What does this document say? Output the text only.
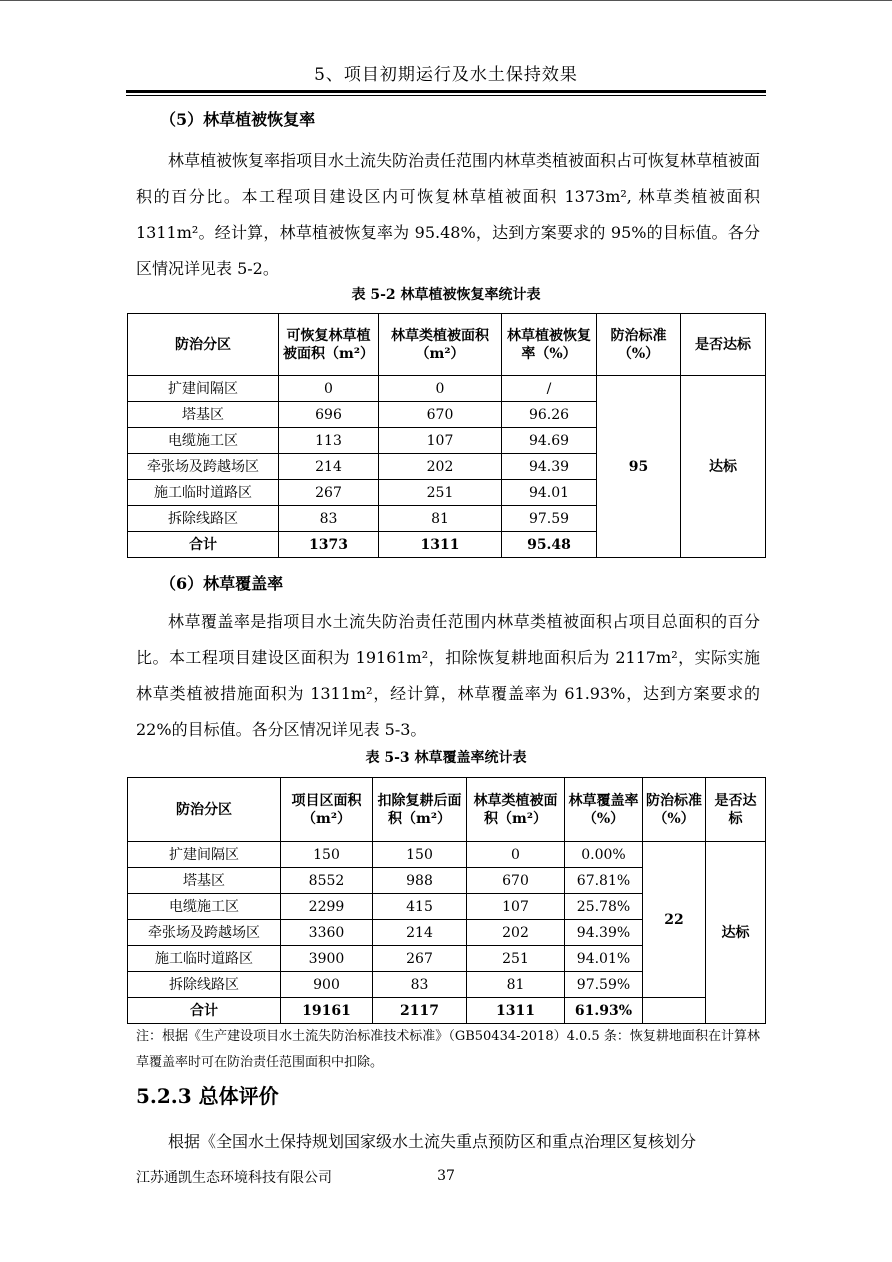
5、项目初期运行及水土保持效果
（5）林草植被恢复率
林草植被恢复率指项目水土流失防治责任范围内林草类植被面积占可恢复林草植被面积的百分比。本工程项目建设区内可恢复林草植被面积 1373m², 林草类植被面积 1311m²。经计算，林草植被恢复率为 95.48%，达到方案要求的 95%的目标值。各分区情况详见表 5-2。
表 5-2 林草植被恢复率统计表
防治分区	可恢复林草植被面积（m²）	林草类植被面积（m²）	林草植被恢复率（%）	防治标准（%）	是否达标
扩建间隔区	0	0	/	95	达标
塔基区	696	670	96.26		
电缆施工区	113	107	94.69		
牵张场及跨越场区	214	202	94.39		
施工临时道路区	267	251	94.01		
拆除线路区	83	81	97.59		
合计	1373	1311	95.48		
（6）林草覆盖率
林草覆盖率是指项目水土流失防治责任范围内林草类植被面积占项目总面积的百分比。本工程项目建设区面积为 19161m²，扣除恢复耕地面积后为 2117m²，实际实施林草类植被措施面积为 1311m²，经计算，林草覆盖率为 61.93%，达到方案要求的 22%的目标值。各分区情况详见表 5-3。
表 5-3 林草覆盖率统计表
防治分区	项目区面积（m²）	扣除复耕后面积（m²）	林草类植被面积（m²）	林草覆盖率（%）	防治标准（%）	是否达标
扩建间隔区	150	150	0	0.00%	22	达标
塔基区	8552	988	670	67.81%		
电缆施工区	2299	415	107	25.78%		
牵张场及跨越场区	3360	214	202	94.39%		
施工临时道路区	3900	267	251	94.01%		
拆除线路区	900	83	81	97.59%		
合计	19161	2117	1311	61.93%		
注：根据《生产建设项目水土流失防治标准技术标准》（GB50434-2018）4.0.5 条：恢复耕地面积在计算林草覆盖率时可在防治责任范围面积中扣除。
5.2.3 总体评价
根据《全国水土保持规划国家级水土流失重点预防区和重点治理区复核划分
江苏通凯生态环境科技有限公司	37
